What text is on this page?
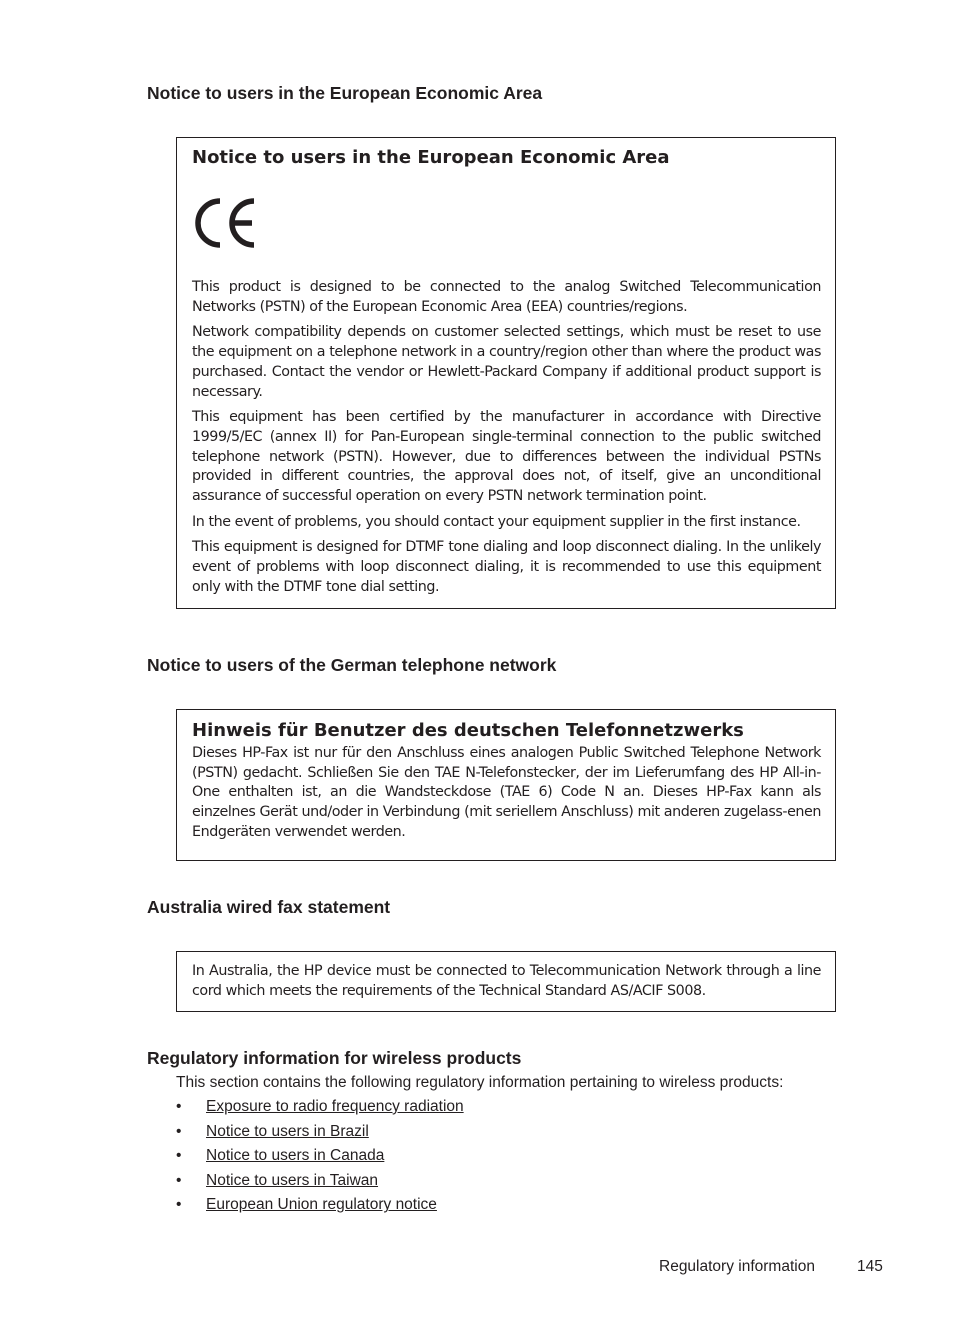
Notice to users in the European Economic Area
Notice to users in the European Economic Area

This product is designed to be connected to the analog Switched Telecommunication Networks (PSTN) of the European Economic Area (EEA) countries/regions.

Network compatibility depends on customer selected settings, which must be reset to use the equipment on a telephone network in a country/region other than where the product was purchased. Contact the vendor or Hewlett-Packard Company if additional product support is necessary.

This equipment has been certified by the manufacturer in accordance with Directive 1999/5/EC (annex II) for Pan-European single-terminal connection to the public switched telephone network (PSTN). However, due to differences between the individual PSTNs provided in different countries, the approval does not, of itself, give an unconditional assurance of successful operation on every PSTN network termination point.

In the event of problems, you should contact your equipment supplier in the first instance.

This equipment is designed for DTMF tone dialing and loop disconnect dialing. In the unlikely event of problems with loop disconnect dialing, it is recommended to use this equipment only with the DTMF tone dial setting.

Notice to users of the German telephone network
Hinweis für Benutzer des deutschen Telefonnetzwerks

Dieses HP-Fax ist nur für den Anschluss eines analogen Public Switched Telephone Network (PSTN) gedacht. Schließen Sie den TAE N-Telefonstecker, der im Lieferumfang des HP All-in-One enthalten ist, an die Wandsteckdose (TAE 6) Code N an. Dieses HP-Fax kann als einzelnes Gerät und/oder in Verbindung (mit seriellem Anschluss) mit anderen zugelass-enen Endgeräten verwendet werden.

Australia wired fax statement

In Australia, the HP device must be connected to Telecommunication Network through a line cord which meets the requirements of the Technical Standard AS/ACIF S008.

Regulatory information for wireless products

This section contains the following regulatory information pertaining to wireless products:

• Exposure to radio frequency radiation
• Notice to users in Brazil
• Notice to users in Canada
• Notice to users in Taiwan
• European Union regulatory notice
Regulatory information	145
